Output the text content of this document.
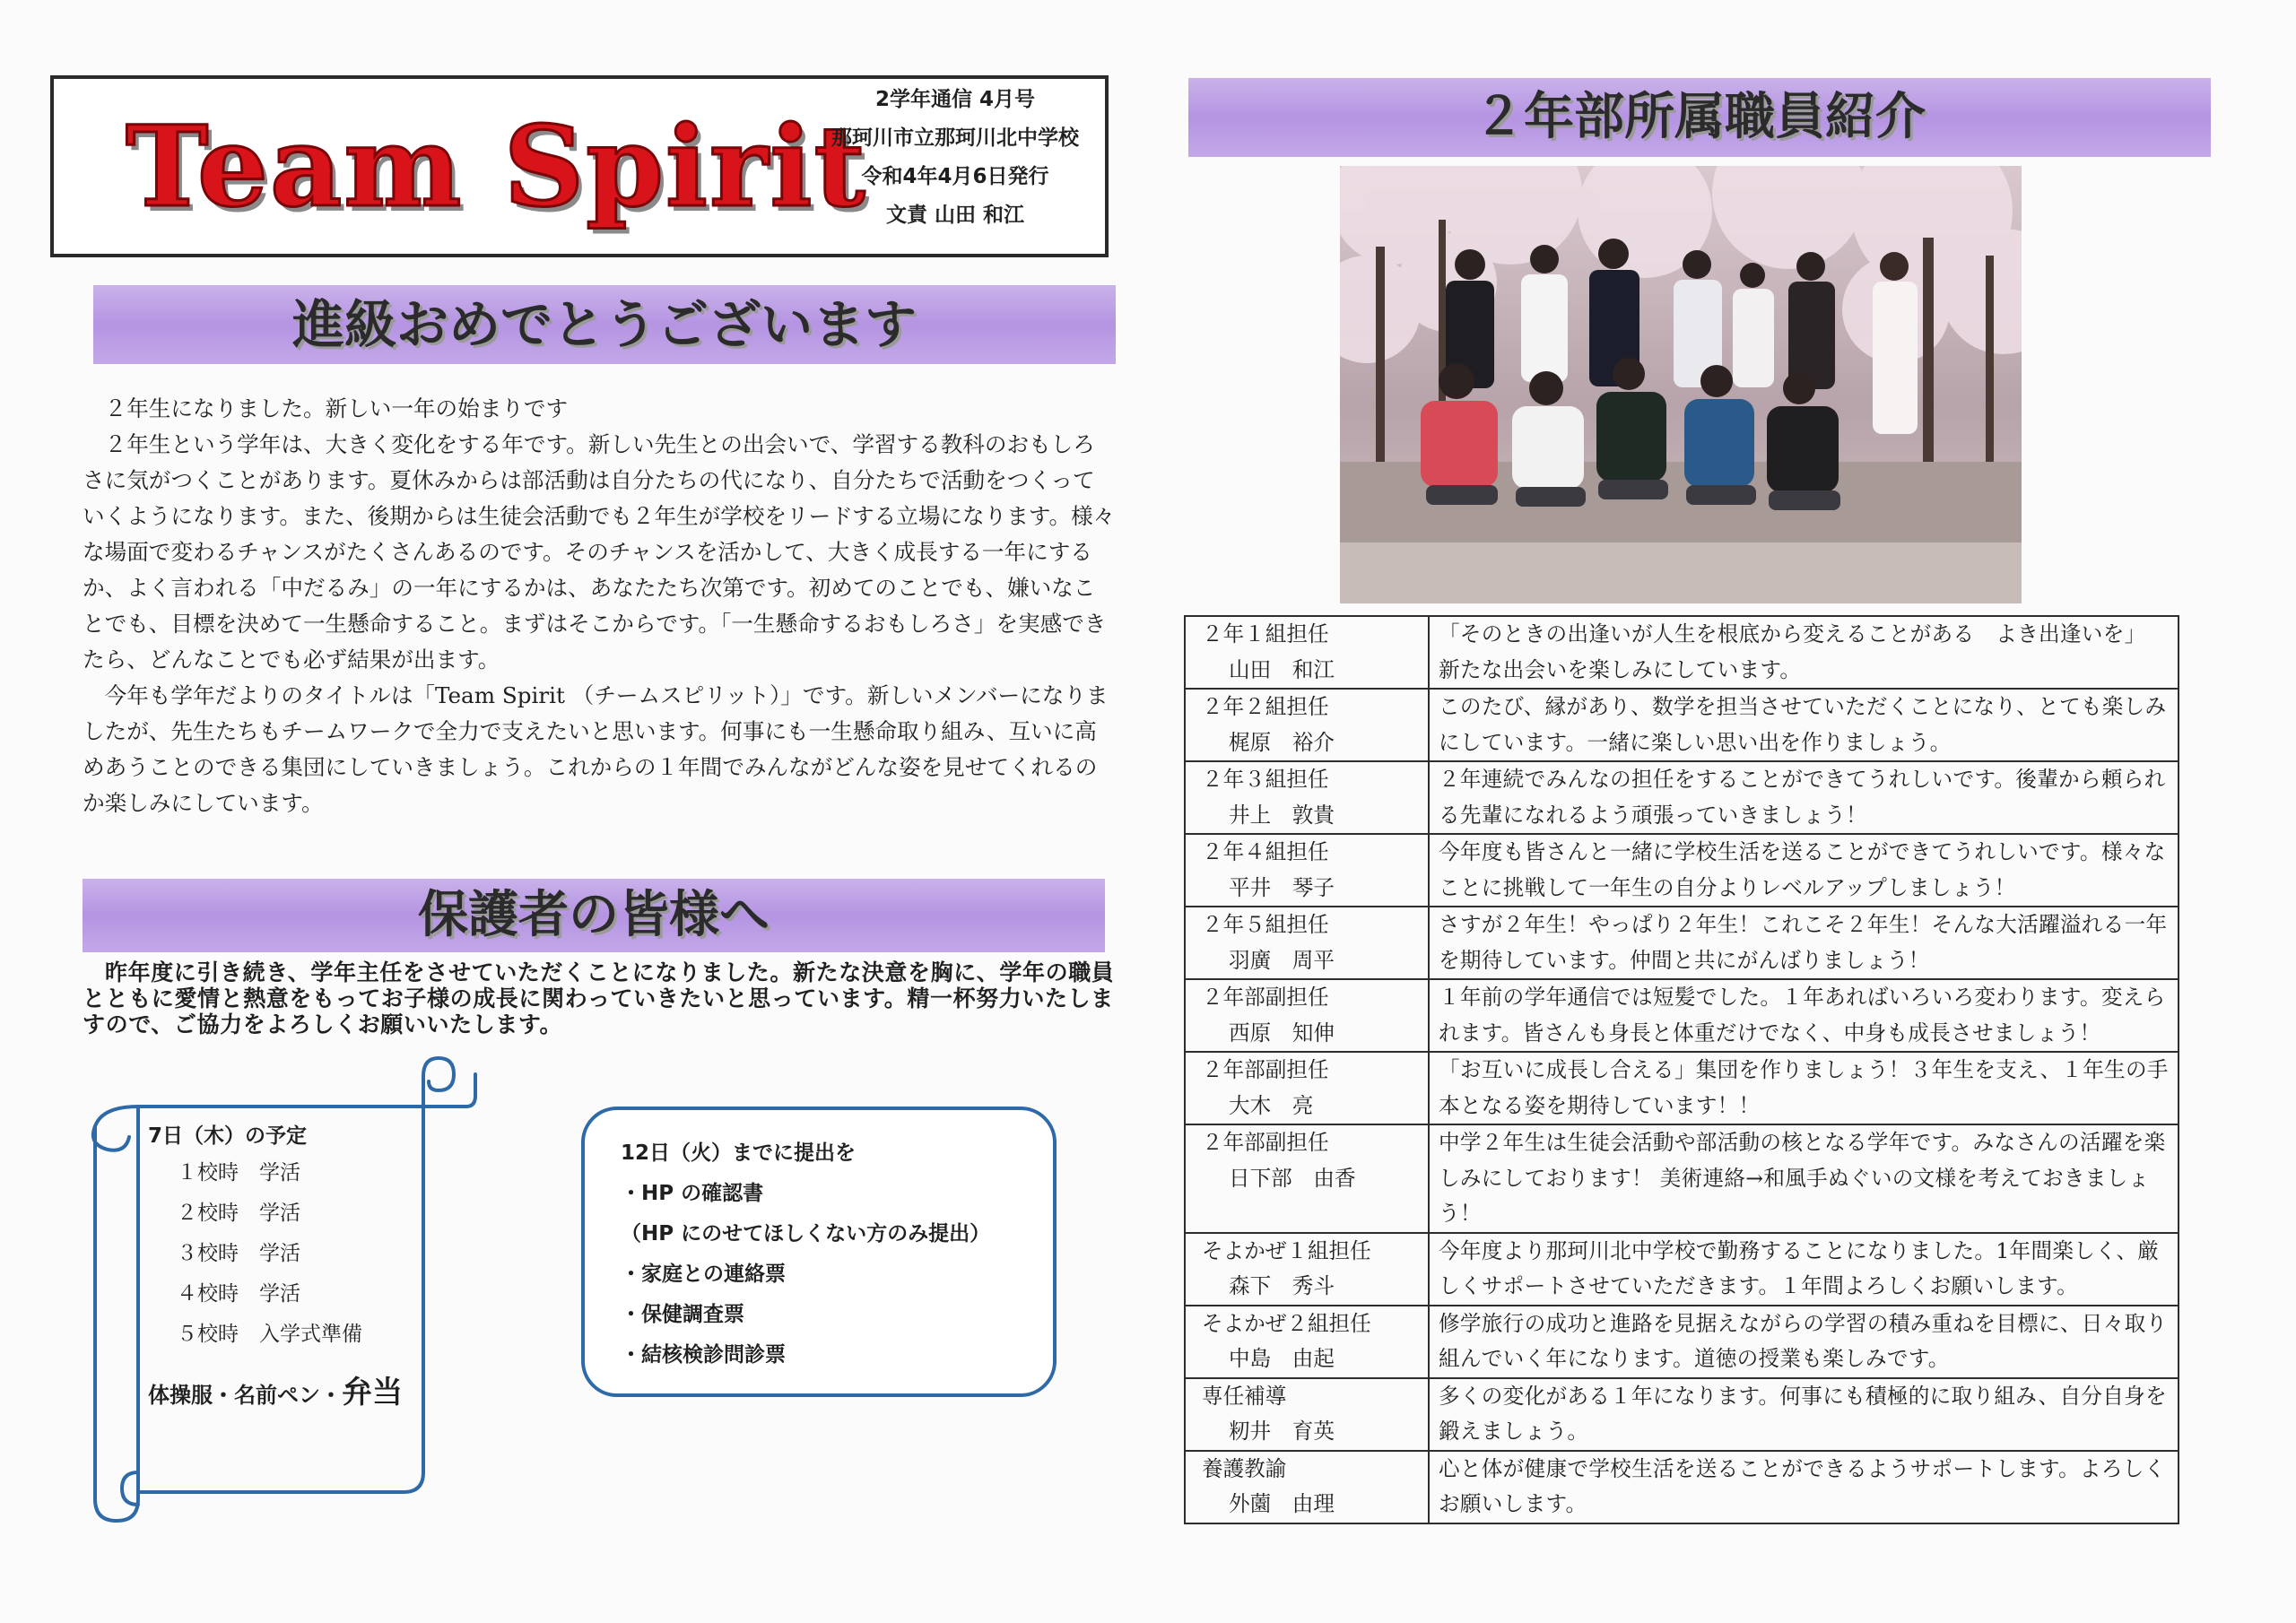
Team Spirit
2学年通信 4月号
那珂川市立那珂川北中学校
令和4年4月6日発行
文責 山田 和江
進級おめでとうございます

２年生になりました。新しい一年の始まりです

２年生という学年は、大きく変化をする年です。新しい先生との出会いで、学習する教科のおもしろさに気がつくことがあります。夏休みからは部活動は自分たちの代になり、自分たちで活動をつくっていくようになります。また、後期からは生徒会活動でも２年生が学校をリードする立場になります。様々な場面で変わるチャンスがたくさんあるのです。そのチャンスを活かして、大きく成長する一年にするか、よく言われる「中だるみ」の一年にするかは、あなたたち次第です。初めてのことでも、嫌いなことでも、目標を決めて一生懸命すること。まずはそこからです。「一生懸命するおもしろさ」を実感できたら、どんなことでも必ず結果が出ます。

今年も学年だよりのタイトルは「Team Spirit （チームスピリット）」です。新しいメンバーになりましたが、先生たちもチームワークで全力で支えたいと思います。何事にも一生懸命取り組み、互いに高めあうことのできる集団にしていきましょう。これからの１年間でみんながどんな姿を見せてくれるのか楽しみにしています。

保護者の皆様へ

昨年度に引き続き、学年主任をさせていただくことになりました。新たな決意を胸に、学年の職員とともに愛情と熱意をもってお子様の成長に関わっていきたいと思っています。精一杯努力いたしますので、ご協力をよろしくお願いいたします。

7日（木）の予定
１校時　学活
２校時　学活
３校時　学活
４校時　学活
５校時　入学式準備
体操服・名前ペン・弁当
12日（火）までに提出を
・HP の確認書
（HP にのせてほしくない方のみ提出）
・家庭との連絡票
・保健調査票
・結核検診問診票
２年部所属職員紹介
２年１組担任
山田　和江	「そのときの出逢いが人生を根底から変えることがある　よき出逢いを」　新たな出会いを楽しみにしています。

２年２組担任
梶原　裕介	このたび、縁があり、数学を担当させていただくことになり、とても楽しみにしています。一緒に楽しい思い出を作りましょう。

２年３組担任
井上　敦貴	２年連続でみんなの担任をすることができてうれしいです。後輩から頼られる先輩になれるよう頑張っていきましょう！

２年４組担任
平井　琴子	今年度も皆さんと一緒に学校生活を送ることができてうれしいです。様々なことに挑戦して一年生の自分よりレベルアップしましょう！

２年５組担任
羽廣　周平	さすが２年生！やっぱり２年生！これこそ２年生！そんな大活躍溢れる一年を期待しています。仲間と共にがんばりましょう！

２年部副担任
西原　知伸	１年前の学年通信では短髪でした。１年あればいろいろ変わります。変えられます。皆さんも身長と体重だけでなく、中身も成長させましょう！

２年部副担任
大木　亮	「お互いに成長し合える」集団を作りましょう！３年生を支え、１年生の手本となる姿を期待しています！！

２年部副担任
日下部　由香	中学２年生は生徒会活動や部活動の核となる学年です。みなさんの活躍を楽しみにしております！ 美術連絡→和風手ぬぐいの文様を考えておきましょう！

そよかぜ１組担任
森下　秀斗	今年度より那珂川北中学校で勤務することになりました。1年間楽しく、厳しくサポートさせていただきます。１年間よろしくお願いします。

そよかぜ２組担任
中島　由起	修学旅行の成功と進路を見据えながらの学習の積み重ねを目標に、日々取り組んでいく年になります。道徳の授業も楽しみです。

専任補導
籾井　育英	多くの変化がある１年になります。何事にも積極的に取り組み、自分自身を鍛えましょう。

養護教諭
外薗　由理	心と体が健康で学校生活を送ることができるようサポートします。よろしくお願いします。
